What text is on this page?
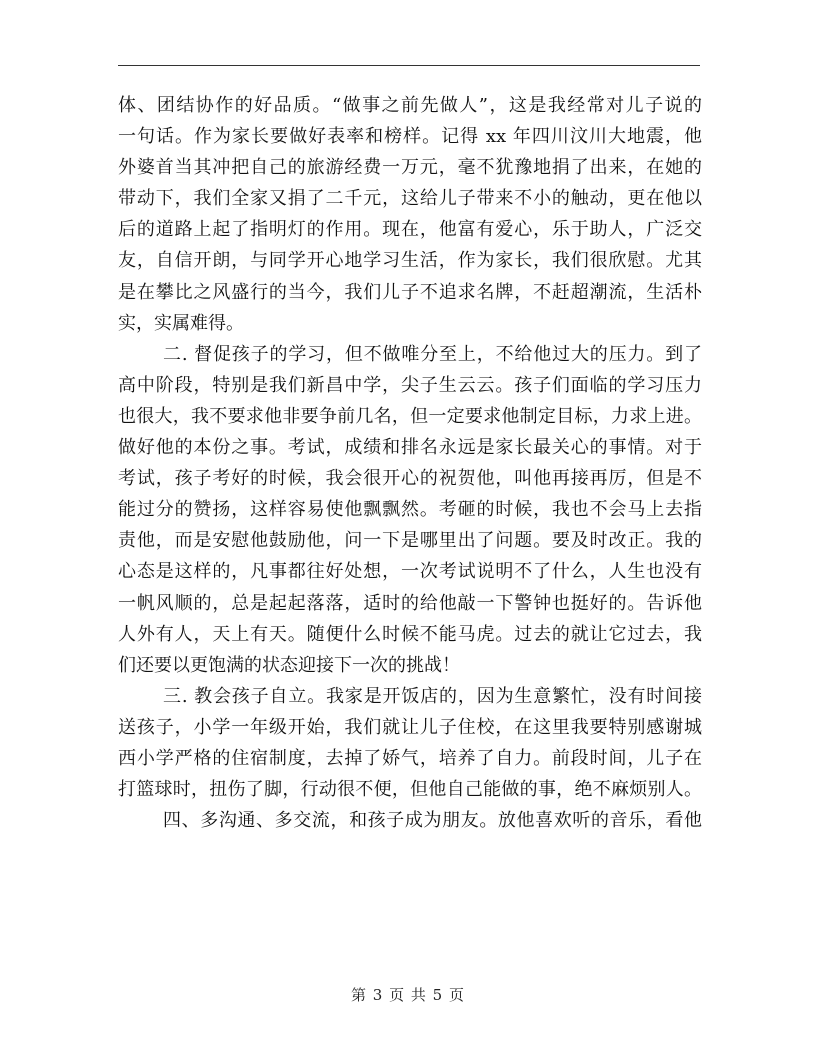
体、团结协作的好品质。“做事之前先做人”，这是我经常对儿子说的
一句话。作为家长要做好表率和榜样。记得 xx 年四川汶川大地震，他
外婆首当其冲把自己的旅游经费一万元，毫不犹豫地捐了出来，在她的
带动下，我们全家又捐了二千元，这给儿子带来不小的触动，更在他以
后的道路上起了指明灯的作用。现在，他富有爱心，乐于助人，广泛交
友，自信开朗，与同学开心地学习生活，作为家长，我们很欣慰。尤其
是在攀比之风盛行的当今，我们儿子不追求名牌，不赶超潮流，生活朴
实，实属难得。
二. 督促孩子的学习，但不做唯分至上，不给他过大的压力。到了
高中阶段，特别是我们新昌中学，尖子生云云。孩子们面临的学习压力
也很大，我不要求他非要争前几名，但一定要求他制定目标，力求上进。
做好他的本份之事。考试，成绩和排名永远是家长最关心的事情。对于
考试，孩子考好的时候，我会很开心的祝贺他，叫他再接再厉，但是不
能过分的赞扬，这样容易使他飘飘然。考砸的时候，我也不会马上去指
责他，而是安慰他鼓励他，问一下是哪里出了问题。要及时改正。我的
心态是这样的，凡事都往好处想，一次考试说明不了什么，人生也没有
一帆风顺的，总是起起落落，适时的给他敲一下警钟也挺好的。告诉他
人外有人，天上有天。随便什么时候不能马虎。过去的就让它过去，我
们还要以更饱满的状态迎接下一次的挑战！
三. 教会孩子自立。我家是开饭店的，因为生意繁忙，没有时间接
送孩子，小学一年级开始，我们就让儿子住校，在这里我要特别感谢城
西小学严格的住宿制度，去掉了娇气，培养了自力。前段时间，儿子在
打篮球时，扭伤了脚，行动很不便，但他自己能做的事，绝不麻烦别人。
四、多沟通、多交流，和孩子成为朋友。放他喜欢听的音乐，看他
第 3 页 共 5 页
